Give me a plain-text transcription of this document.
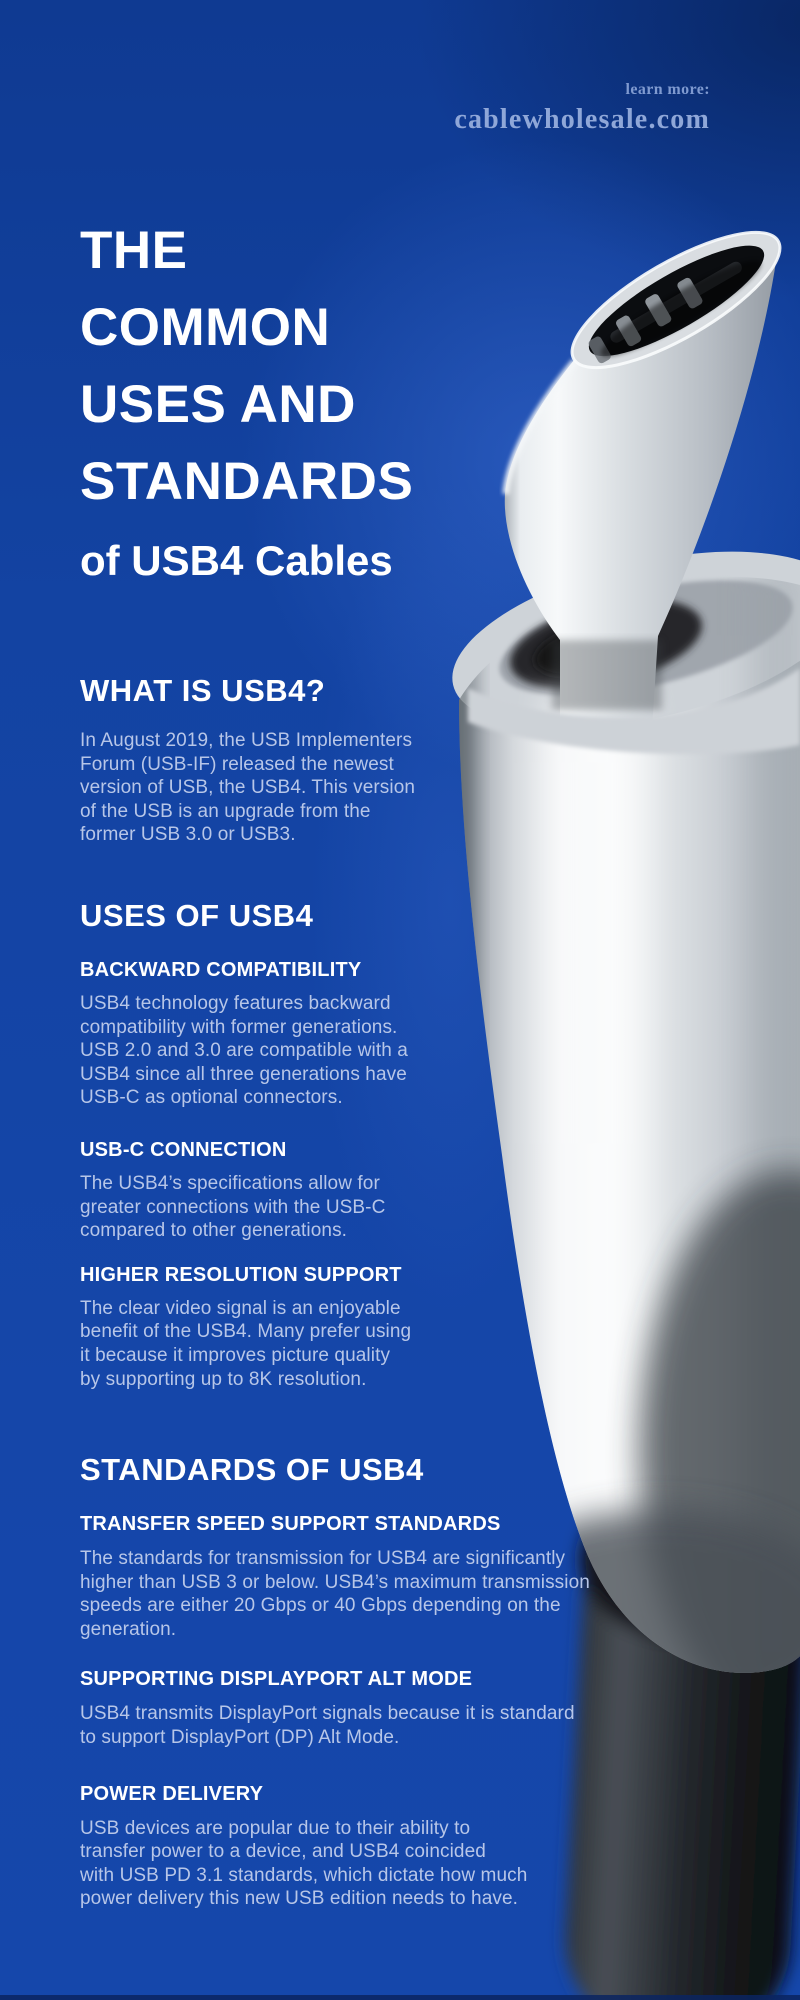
learn more:
cablewholesale.com
THE
COMMON
USES AND
STANDARDS
of USB4 Cables
WHAT IS USB4?
In August 2019, the USB Implementers
Forum (USB-IF) released the newest
version of USB, the USB4. This version
of the USB is an upgrade from the
former USB 3.0 or USB3.
USES OF USB4
BACKWARD COMPATIBILITY
USB4 technology features backward
compatibility with former generations.
USB 2.0 and 3.0 are compatible with a
USB4 since all three generations have
USB-C as optional connectors.
USB-C CONNECTION
The USB4’s specifications allow for
greater connections with the USB-C
compared to other generations.
HIGHER RESOLUTION SUPPORT
The clear video signal is an enjoyable
benefit of the USB4. Many prefer using
it because it improves picture quality
by supporting up to 8K resolution.
STANDARDS OF USB4
TRANSFER SPEED SUPPORT STANDARDS
The standards for transmission for USB4 are significantly
higher than USB 3 or below. USB4’s maximum transmission
speeds are either 20 Gbps or 40 Gbps depending on the
generation.
SUPPORTING DISPLAYPORT ALT MODE
USB4 transmits DisplayPort signals because it is standard
to support DisplayPort (DP) Alt Mode.
POWER DELIVERY
USB devices are popular due to their ability to
transfer power to a device, and USB4 coincided
with USB PD 3.1 standards, which dictate how much
power delivery this new USB edition needs to have.
